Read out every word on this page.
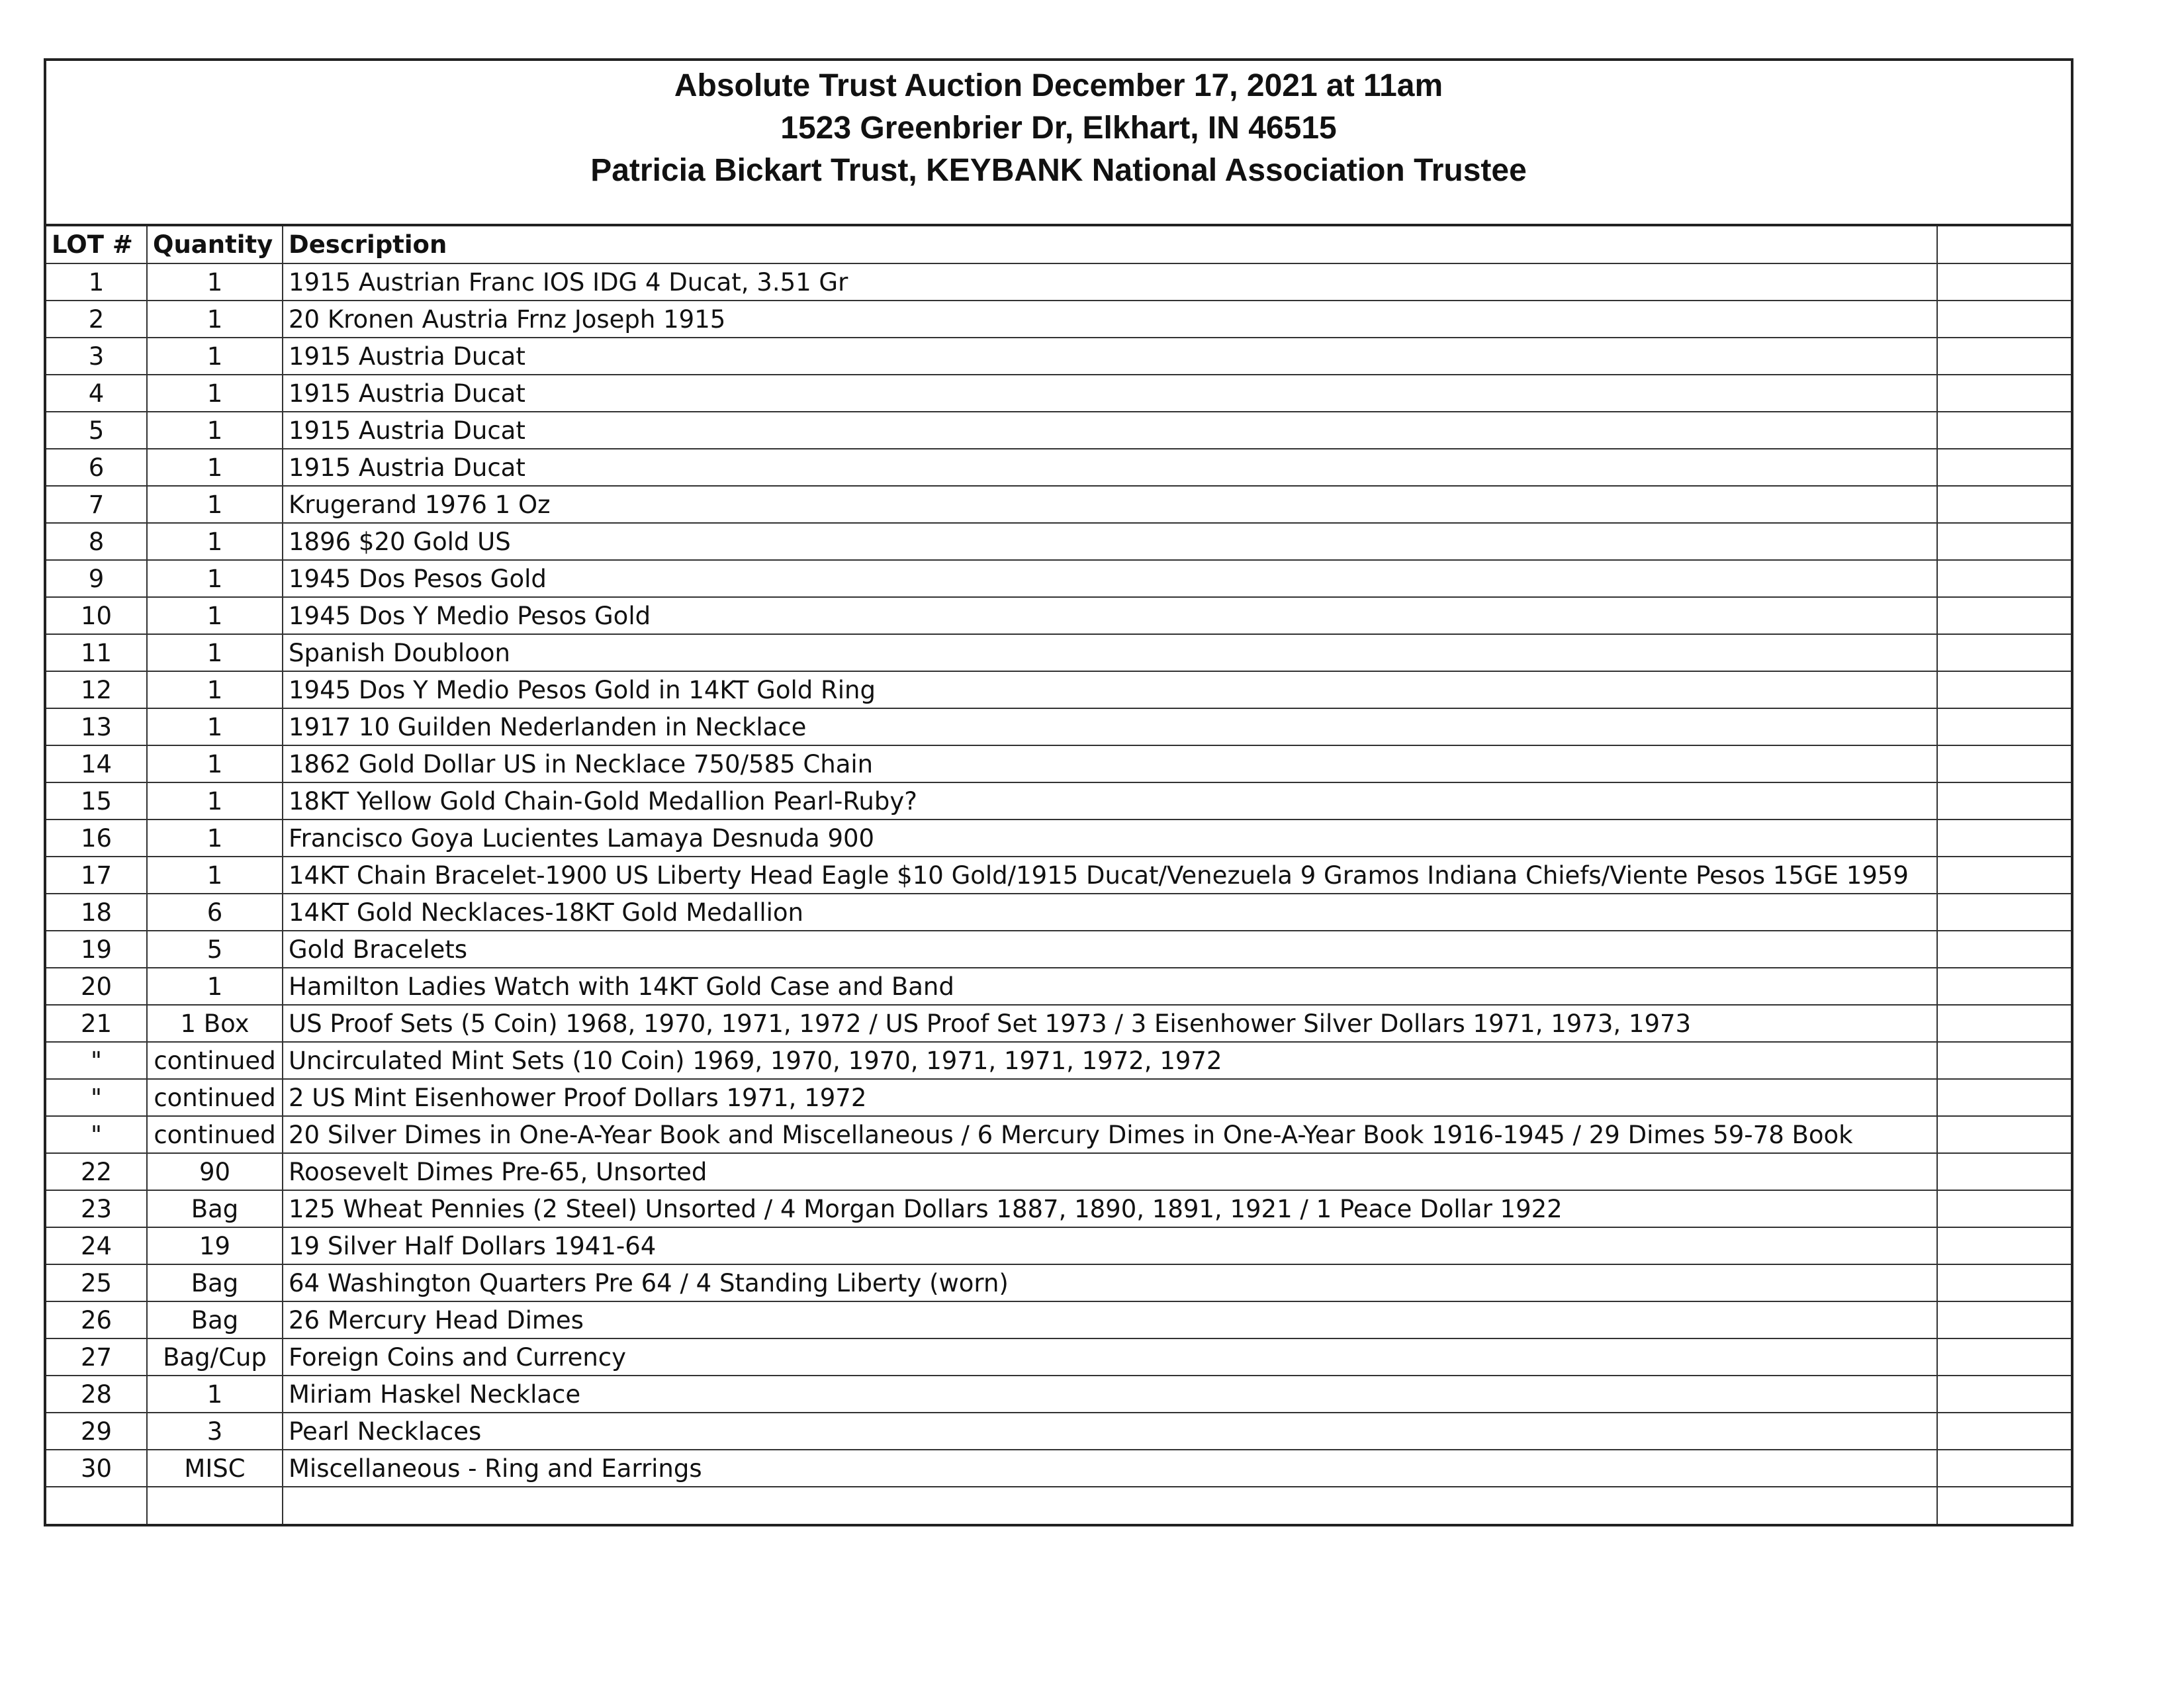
Absolute Trust Auction December 17, 2021 at 11am
1523 Greenbrier Dr, Elkhart, IN 46515
Patricia Bickart Trust, KEYBANK National Association Trustee
LOT #	Quantity	Description	
1	1	1915 Austrian Franc IOS IDG 4 Ducat, 3.51 Gr	
2	1	20 Kronen Austria Frnz Joseph 1915	
3	1	1915 Austria Ducat	
4	1	1915 Austria Ducat	
5	1	1915 Austria Ducat	
6	1	1915 Austria Ducat	
7	1	Krugerand 1976 1 Oz	
8	1	1896 $20 Gold US	
9	1	1945 Dos Pesos Gold	
10	1	1945 Dos Y Medio Pesos Gold	
11	1	Spanish Doubloon	
12	1	1945 Dos Y Medio Pesos Gold in 14KT Gold Ring	
13	1	1917 10 Guilden Nederlanden in Necklace	
14	1	1862 Gold Dollar US in Necklace 750/585 Chain	
15	1	18KT Yellow Gold Chain-Gold Medallion Pearl-Ruby?	
16	1	Francisco Goya Lucientes Lamaya Desnuda 900	
17	1	14KT Chain Bracelet-1900 US Liberty Head Eagle $10 Gold/1915 Ducat/Venezuela 9 Gramos Indiana Chiefs/Viente Pesos 15GE 1959	
18	6	14KT Gold Necklaces-18KT Gold Medallion	
19	5	Gold Bracelets	
20	1	Hamilton Ladies Watch with 14KT Gold Case and Band	
21	1 Box	US Proof Sets (5 Coin) 1968, 1970, 1971, 1972 / US Proof Set 1973 / 3 Eisenhower Silver Dollars 1971, 1973, 1973	
"	continued	Uncirculated Mint Sets (10 Coin) 1969, 1970, 1970, 1971, 1971, 1972, 1972	
"	continued	2 US Mint Eisenhower Proof Dollars 1971, 1972	
"	continued	20 Silver Dimes in One-A-Year Book and Miscellaneous / 6 Mercury Dimes in One-A-Year Book 1916-1945 / 29 Dimes 59-78 Book	
22	90	Roosevelt Dimes Pre-65, Unsorted	
23	Bag	125 Wheat Pennies (2 Steel) Unsorted / 4 Morgan Dollars 1887, 1890, 1891, 1921 / 1 Peace Dollar 1922	
24	19	19 Silver Half Dollars 1941-64	
25	Bag	64 Washington Quarters Pre 64 / 4 Standing Liberty (worn)	
26	Bag	26 Mercury Head Dimes	
27	Bag/Cup	Foreign Coins and Currency	
28	1	Miriam Haskel Necklace	
29	3	Pearl Necklaces	
30	MISC	Miscellaneous - Ring and Earrings	
